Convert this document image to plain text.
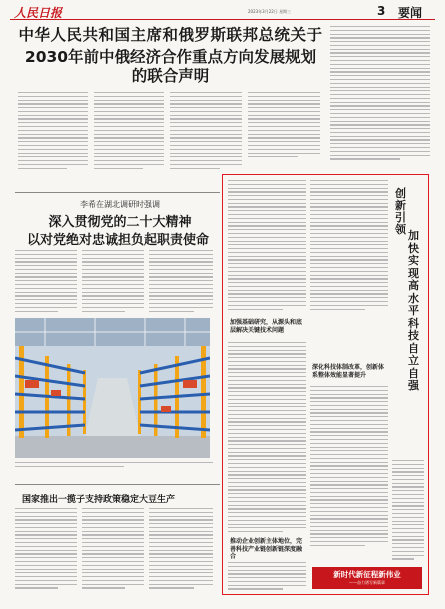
人民日报	2023年3月22日 星期三	3 要闻
中华人民共和国主席和俄罗斯联邦总统关于
2030年前中俄经济合作重点方向发展规划的联合声明
李希在湖北调研时强调
深入贯彻党的二十大精神
以对党绝对忠诚担负起职责使命
国家推出一揽子支持政策稳定大豆生产
创新引领 加快实现高水平科技自立自强
加强基础研究，从源头和底层解决关键技术问题
深化科技体制改革，创新体系整体效能显著提升
推动企业创新主体地位，完善科技产业链创新链深度融合
新时代新征程新伟业
——奋力谱写新篇章
